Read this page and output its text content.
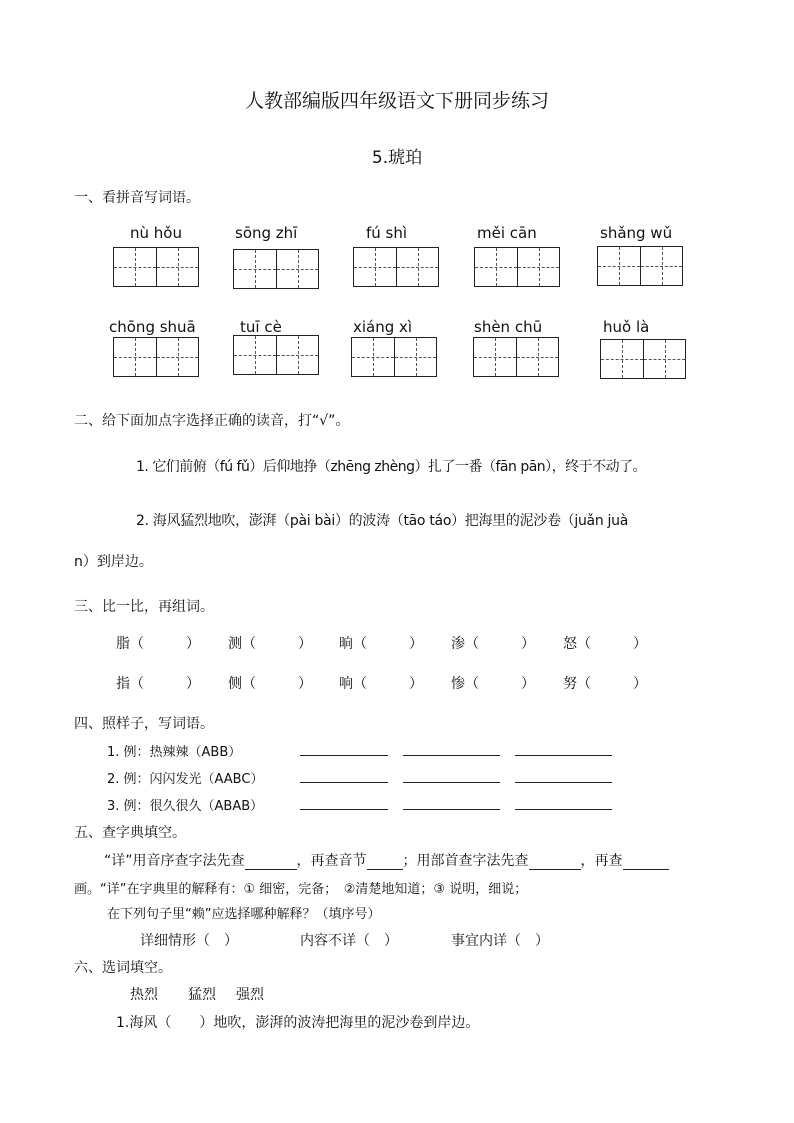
人教部编版四年级语文下册同步练习
5.琥珀
一、看拼音写词语。
nù hǒu	sōng zhī	fú shì	měi cān	shǎng wǔ
chōng shuā	tuī cè	xiáng xì	shèn chū	huǒ là
二、给下面加点字选择正确的读音，打“√”。
1. 它们前俯（fú fǔ）后仰地挣（zhēng zhèng）扎了一番（fān pān），终于不动了。
2. 海风猛烈地吹，澎湃（pài bài）的波涛（tāo táo）把海里的泥沙卷（juǎn juà
n）到岸边。
三、比一比，再组词。
脂（　　　） 测（　　　） 晌（　　　） 渗（　　　） 怒（　　　）
指（　　　） 侧（　　　） 响（　　　） 惨（　　　） 努（　　　）
四、照样子，写词语。
1. 例：热辣辣（ABB）
2. 例：闪闪发光（AABC）
3. 例：很久很久（ABAB）
五、查字典填空。
“详”用音序查字法先查	，再查音节	；用部首查字法先查	，再查
画。“详”在字典里的解释有：① 细密，完备；　②清楚地知道；③ 说明，细说；
在下列句子里“赖”应选择哪种解释？（填序号）
详细情形（　）	内容不详（　）	事宜内详（　）
六、选词填空。
热烈 猛烈 强烈
1.海风（　　）地吹，澎湃的波涛把海里的泥沙卷到岸边。
